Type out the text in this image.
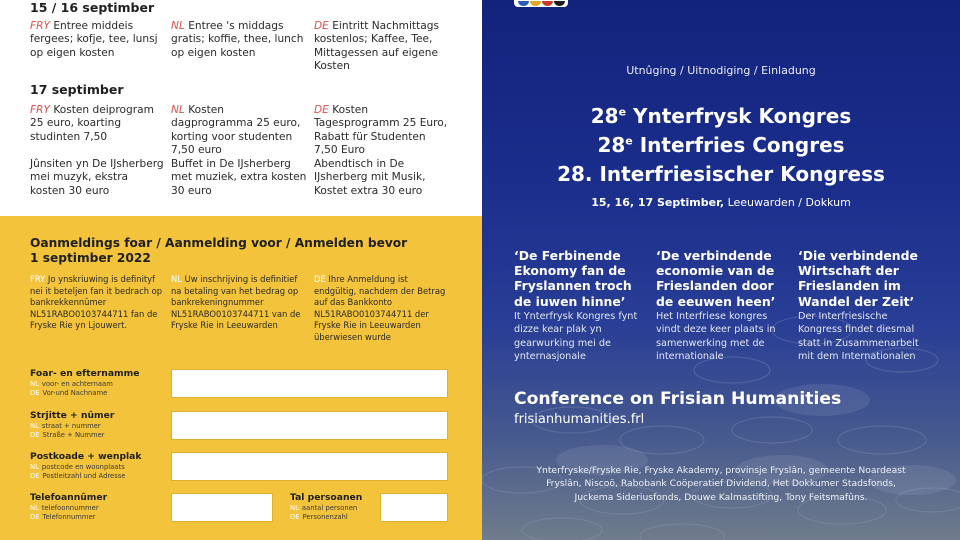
15 / 16 septimber
FRY Entree middeis fergees; kofje, tee, lunsj op eigen kosten
NL Entree 's middags gratis; koffie, thee, lunch op eigen kosten
DE Eintritt Nachmittags kostenlos; Kaffee, Tee, Mittagessen auf eigene Kosten
17 septimber
FRY Kosten deiprogram 25 euro, koarting studinten 7,50
NL Kosten dagprogramma 25 euro, korting voor studenten 7,50 euro
DE Kosten Tagesprogramm 25 Euro, Rabatt für Studenten 7,50 Euro
Jûnsiten yn De IJsherberg mei muzyk, ekstra kosten 30 euro
Buffet in De IJsherberg met muziek, extra kosten 30 euro
Abendtisch in De IJsherberg mit Musik, Kostet extra 30 euro
Oanmeldings foar / Aanmelding voor / Anmelden bevor
1 septimber 2022
FRY Jo ynskriuwing is definityf nei it beteljen fan it bedrach op bankrekkennûmer NL51RABO0103744711 fan de Fryske Rie yn Ljouwert.
NL Uw inschrijving is definitief na betaling van het bedrag op bankrekeningnummer NL51RABO0103744711 van de Fryske Rie in Leeuwarden
DE Ihre Anmeldung ist endgültig, nachdem der Betrag auf das Bankkonto NL51RABO0103744711 der Fryske Rie in Leeuwarden überwiesen wurde
Foar- en efternamme
NL voor- en achternaam
DE Vor-und Nachname
Strjitte + nûmer
NL straat + nummer
DE Straße + Nummer
Postkoade + wenplak
NL postcode en woonplaats
DE Postleitzahl und Adresse
Telefoannûmer
NL telefoonnummer
DE Telefonnummer
Tal persoanen
NL aantal personen
DE Personenzahl
Utnûging / Uitnodiging / Einladung
28e Ynterfrysk Kongres
28e Interfries Congres
28. Interfriesischer Kongress
15, 16, 17 Septimber, Leeuwarden / Dokkum
‘De Ferbinende Ekonomy fan de Fryslannen troch de iuwen hinne’
It Ynterfrysk Kongres fynt dizze kear plak yn gearwurking mei de ynternasjonale
‘De verbindende economie van de Frieslanden door de eeuwen heen’
Het Interfriese kongres vindt deze keer plaats in samenwerking met de internationale
‘Die verbindende Wirtschaft der Frieslanden im Wandel der Zeit’
Der Interfriesische Kongress findet diesmal statt in Zusammenarbeit mit dem Internationalen
Conference on Frisian Humanities
frisianhumanities.frl
Ynterfryske/Fryske Rie, Fryske Akademy, provinsje Fryslân, gemeente Noardeast Fryslân, Niscoö, Rabobank Coöperatief Dividend, Het Dokkumer Stadsfonds, Juckema Sideriusfonds, Douwe Kalmastifting, Tony Feitsmafûns.
